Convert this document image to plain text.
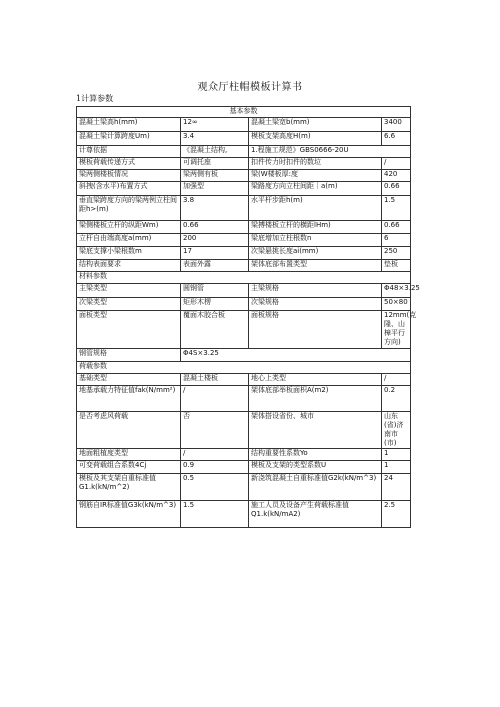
观众厅柱帽模板计算书
1计算参数
基本参数			
混凝土梁高h(mm)	12∞	混凝土梁宽b(mm)	3400
混凝土梁计算跨度Um)	3.4	模板支架高度H(m)	6.6
计尊依据	《混凝土结构,	1.程施工规范》GBS0666-20U	
模板荷载传递方式	可调托座	扣件传力时扣件的数垃	/
梁两侧楼板情况	梁两侧有板	梁(W楼板厚:度	420
斜拽(含水平)布置方式	加强型	梁路度方向立柱间距｜a(m)	0.66
垂直梁跨度方向的梁两例立柱间距h>(m)	3.8	水平杆步距h(m)	1.5
梁侧楼板立杆的纵距Wm)	0.66	梁搏楼板立杆的横距lHm)	0.66
立杆自由端高度a(mm)	200	梁底增加立柱根数n	6
梁底支撑小梁根数m	17	次梁悬挑长度ai(mm)	250
结构表面要求	表面外露	架体底部布置类型	垫板
材料参数			
主梁类型	圆钢管	主梁规格	Φ48×3.25
次梁类型	矩形木楞	次梁规格	50×80
面板类型	覆面木胶合板	面板规格	12mm(克隆、山樟平行方向)
钢管规格	Φ4S×3.25		
荷载参数			
基础类型	混凝土楼板	地心上类型	/
地基承载力特征值fak(N/mm²)	/	架体底部举板面枳A(m2)	0.2
是否考虑风荷载	否	架体搭设省份、城市	山东(省)济南市(市)
地面粗植度类型	/	结构重要性系数Yo	1
可变荷载组合系数4Cj	0.9	模板及支架的类型系数U	1
模板及其支架自重标准值G1.k(kN/m^2)	0.5	新浇筑混凝土自重标准值G2k(kN/m^3)	24
钢筋自IR标准值G3k(kN/m^3)	1.5	施工人员及设备产生荷载标准值Q1.k(kN/mA2)	2.5
